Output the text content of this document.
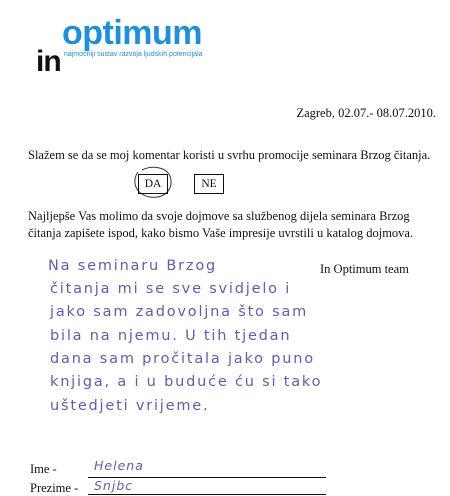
in
optimum
najmoćniji sustav razvoja ljudskih potencijala
Zagreb, 02.07.- 08.07.2010.
Slažem se da se moj komentar koristi u svrhu promocije seminara Brzog čitanja.
DA	NE
Najljepše Vas molimo da svoje dojmove sa službenog dijela seminara Brzog čitanja zapišete ispod, kako bismo Vaše impresije uvrstili u katalog dojmova.
In Optimum team
Na seminaru Brzog
čitanja mi se sve svidjelo i
jako sam zadovoljna što sam
bila na njemu. U tih tjedan
dana sam pročitala jako puno
knjiga, a i u buduće ću si tako
uštedjeti vrijeme.
Ime -	Helena
Prezime - Snjbc
